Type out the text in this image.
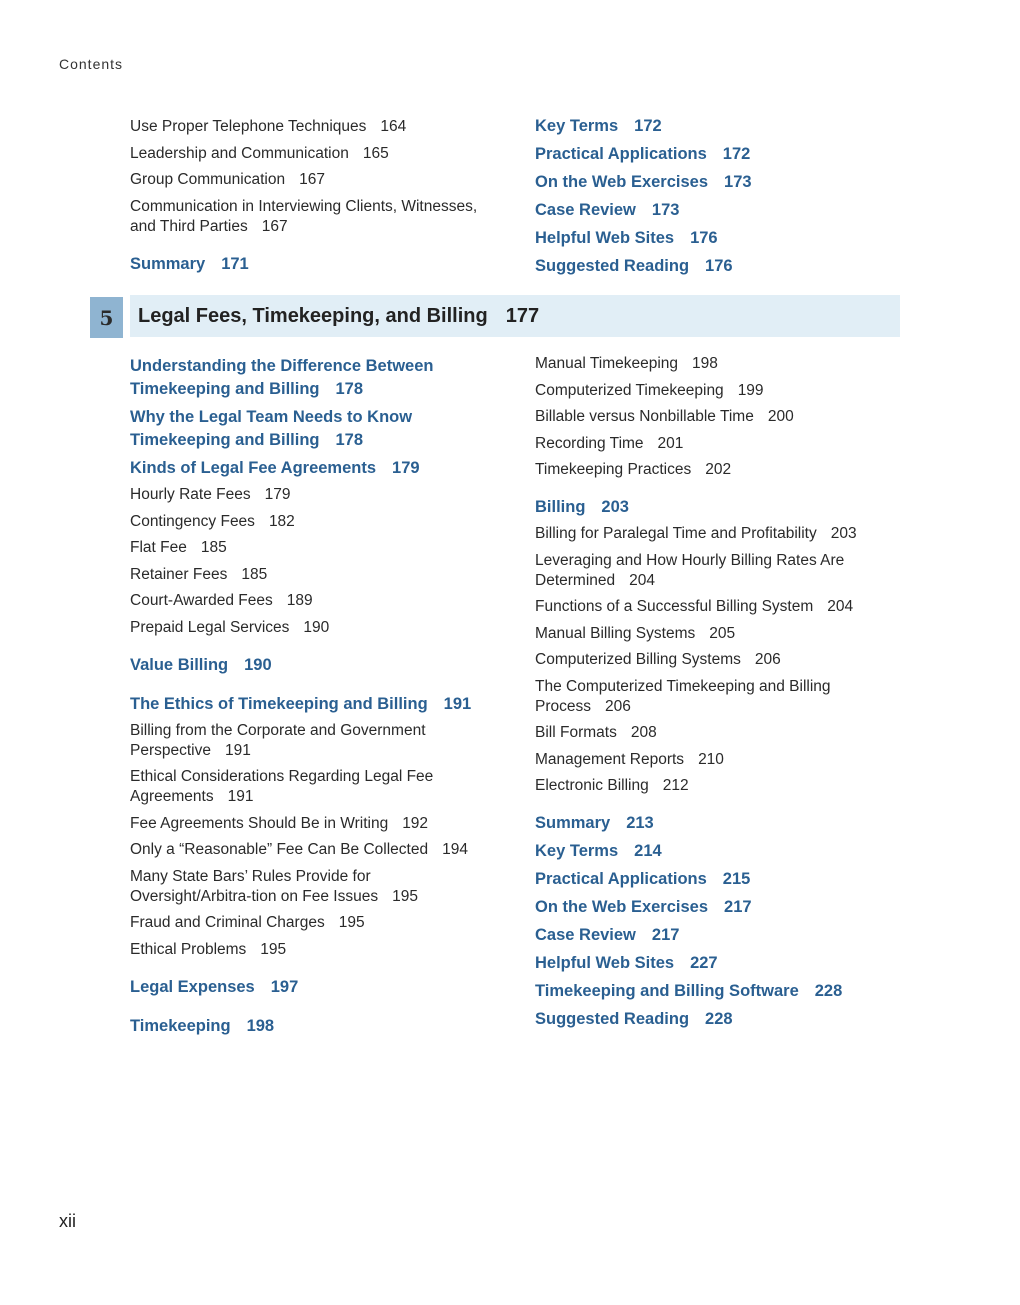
Contents
Use Proper Telephone Techniques 164
Leadership and Communication 165
Group Communication 167
Communication in Interviewing Clients, Witnesses, and Third Parties 167
Summary 171
Key Terms 172
Practical Applications 172
On the Web Exercises 173
Case Review 173
Helpful Web Sites 176
Suggested Reading 176
5	Legal Fees, Timekeeping, and Billing 177
Understanding the Difference Between Timekeeping and Billing 178
Why the Legal Team Needs to Know Timekeeping and Billing 178
Kinds of Legal Fee Agreements 179
Hourly Rate Fees 179
Contingency Fees 182
Flat Fee 185
Retainer Fees 185
Court-Awarded Fees 189
Prepaid Legal Services 190
Value Billing 190
The Ethics of Timekeeping and Billing 191
Billing from the Corporate and Government Perspective 191
Ethical Considerations Regarding Legal Fee Agreements 191
Fee Agreements Should Be in Writing 192
Only a “Reasonable” Fee Can Be Collected 194
Many State Bars’ Rules Provide for Oversight/Arbitra-tion on Fee Issues 195
Fraud and Criminal Charges 195
Ethical Problems 195
Legal Expenses 197
Timekeeping 198
Manual Timekeeping 198
Computerized Timekeeping 199
Billable versus Nonbillable Time 200
Recording Time 201
Timekeeping Practices 202
Billing 203
Billing for Paralegal Time and Profitability 203
Leveraging and How Hourly Billing Rates Are Determined 204
Functions of a Successful Billing System 204
Manual Billing Systems 205
Computerized Billing Systems 206
The Computerized Timekeeping and Billing Process 206
Bill Formats 208
Management Reports 210
Electronic Billing 212
Summary 213
Key Terms 214
Practical Applications 215
On the Web Exercises 217
Case Review 217
Helpful Web Sites 227
Timekeeping and Billing Software 228
Suggested Reading 228
xii
